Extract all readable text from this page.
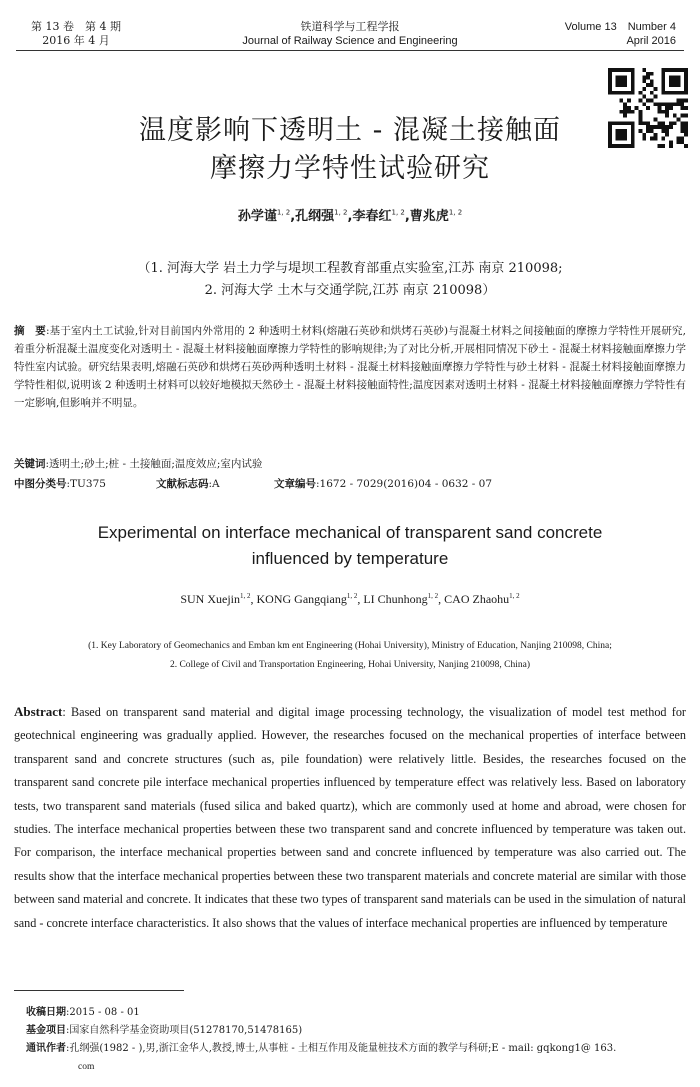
第 13 卷　第 4 期
2016 年 4 月
铁道科学与工程学报
Journal of Railway Science and Engineering
Volume 13　Number 4
April 2016
温度影响下透明土 - 混凝土接触面
摩擦力学特性试验研究
孙学谨$^{1, 2}$,孔纲强$^{1, 2}$,李春红$^{1, 2}$,曹兆虎$^{1, 2}$
（1. 河海大学 岩土力学与堤坝工程教育部重点实验室,江苏 南京 210098;
2. 河海大学 土木与交通学院,江苏 南京 210098）
摘　要:基于室内土工试验,针对目前国内外常用的 2 种透明土材料(熔融石英砂和烘烤石英砂)与混凝土材料之间接触面的摩擦力学特性开展研究,着重分析混凝土温度变化对透明土 - 混凝土材料接触面摩擦力学特性的影响规律;为了对比分析,开展相同情况下砂土 - 混凝土材料接触面摩擦力学特性室内试验。研究结果表明,熔融石英砂和烘烤石英砂两种透明土材料 - 混凝土材料接触面摩擦力学特性与砂土材料 - 混凝土材料接触面摩擦力学特性相似,说明该 2 种透明土材料可以较好地模拟天然砂土 - 混凝土材料接触面特性;温度因素对透明土材料 - 混凝土材料接触面摩擦力学特性有一定影响,但影响并不明显。
关键词:透明土;砂土;桩 - 土接触面;温度效应;室内试验
中图分类号:TU375	文献标志码:A	文章编号:1672 - 7029(2016)04 - 0632 - 07
Experimental on interface mechanical of transparent sand concrete
influenced by temperature
SUN Xuejin$^{1, 2}$, KONG Gangqiang$^{1, 2}$, LI Chunhong$^{1, 2}$, CAO Zhaohu$^{1, 2}$
(1. Key Laboratory of Geomechanics and Emban km ent Engineering (Hohai University), Ministry of Education, Nanjing 210098, China;
2. College of Civil and Transportation Engineering, Hohai University, Nanjing 210098, China)
Abstract: Based on transparent sand material and digital image processing technology, the visualization of model test method for geotechnical engineering was gradually applied. However, the researches focused on the mechanical properties of interface between transparent sand and concrete structures (such as, pile foundation) were relatively little. Besides, the researches focused on the transparent sand concrete pile interface mechanical properties influenced by temperature effect was relatively less. Based on laboratory tests, two transparent sand materials (fused silica and baked quartz), which are commonly used at home and abroad, were chosen for studies. The interface mechanical properties between these two transparent sand and concrete influenced by temperature was taken out. For comparison, the interface mechanical properties between sand and concrete influenced by temperature was also carried out. The results show that the interface mechanical properties between these two transparent materials and concrete material are similar with those between sand material and concrete. It indicates that these two types of transparent sand materials can be used in the simulation of natural sand - concrete interface characteristics. It also shows that the values of interface mechanical properties are influenced by temperature
收稿日期:2015 - 08 - 01
基金项目:国家自然科学基金资助项目(51278170,51478165)
通讯作者:孔纲强(1982 - ),男,浙江金华人,教授,博士,从事桩 - 土相互作用及能量桩技术方面的教学与科研;E - mail: gqkong1@ 163.
com
